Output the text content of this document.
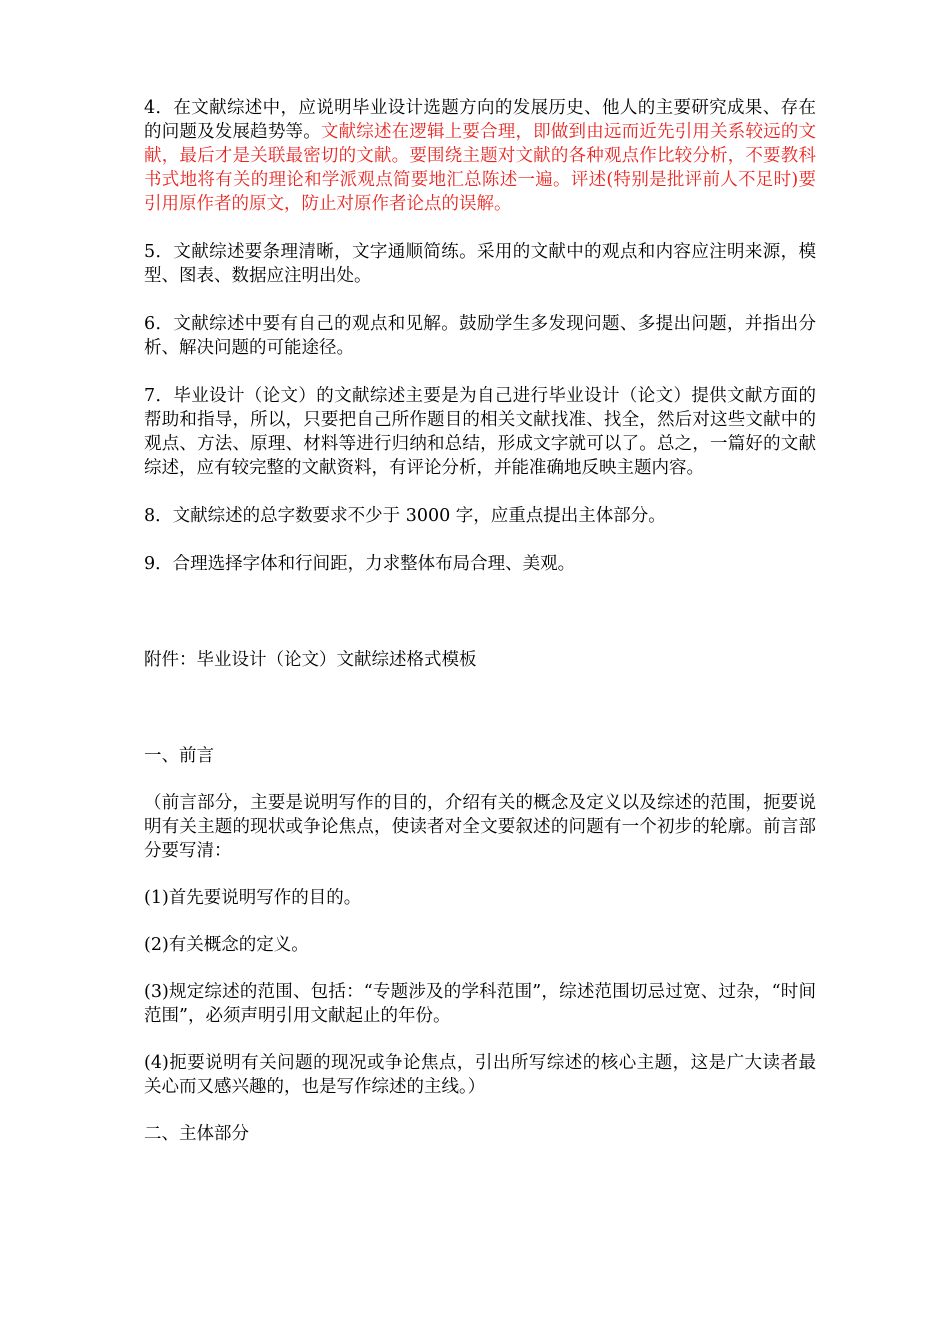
4．在文献综述中，应说明毕业设计选题方向的发展历史、他人的主要研究成果、存在的问题及发展趋势等。文献综述在逻辑上要合理，即做到由远而近先引用关系较远的文献，最后才是关联最密切的文献。要围绕主题对文献的各种观点作比较分析，不要教科书式地将有关的理论和学派观点简要地汇总陈述一遍。评述(特别是批评前人不足时)要引用原作者的原文，防止对原作者论点的误解。

5．文献综述要条理清晰，文字通顺简练。采用的文献中的观点和内容应注明来源，模型、图表、数据应注明出处。

6．文献综述中要有自己的观点和见解。鼓励学生多发现问题、多提出问题，并指出分析、解决问题的可能途径。

7．毕业设计（论文）的文献综述主要是为自己进行毕业设计（论文）提供文献方面的帮助和指导，所以，只要把自己所作题目的相关文献找准、找全，然后对这些文献中的观点、方法、原理、材料等进行归纳和总结，形成文字就可以了。总之，一篇好的文献综述，应有较完整的文献资料，有评论分析，并能准确地反映主题内容。

8．文献综述的总字数要求不少于 3000 字，应重点提出主体部分。

9．合理选择字体和行间距，力求整体布局合理、美观。

附件：毕业设计（论文）文献综述格式模板

一、前言

（前言部分，主要是说明写作的目的，介绍有关的概念及定义以及综述的范围，扼要说明有关主题的现状或争论焦点，使读者对全文要叙述的问题有一个初步的轮廓。前言部分要写清：

(1)首先要说明写作的目的。

(2)有关概念的定义。

(3)规定综述的范围、包括：“专题涉及的学科范围”，综述范围切忌过宽、过杂，“时间范围”，必须声明引用文献起止的年份。

(4)扼要说明有关问题的现况或争论焦点，引出所写综述的核心主题，这是广大读者最关心而又感兴趣的，也是写作综述的主线。）

二、主体部分
